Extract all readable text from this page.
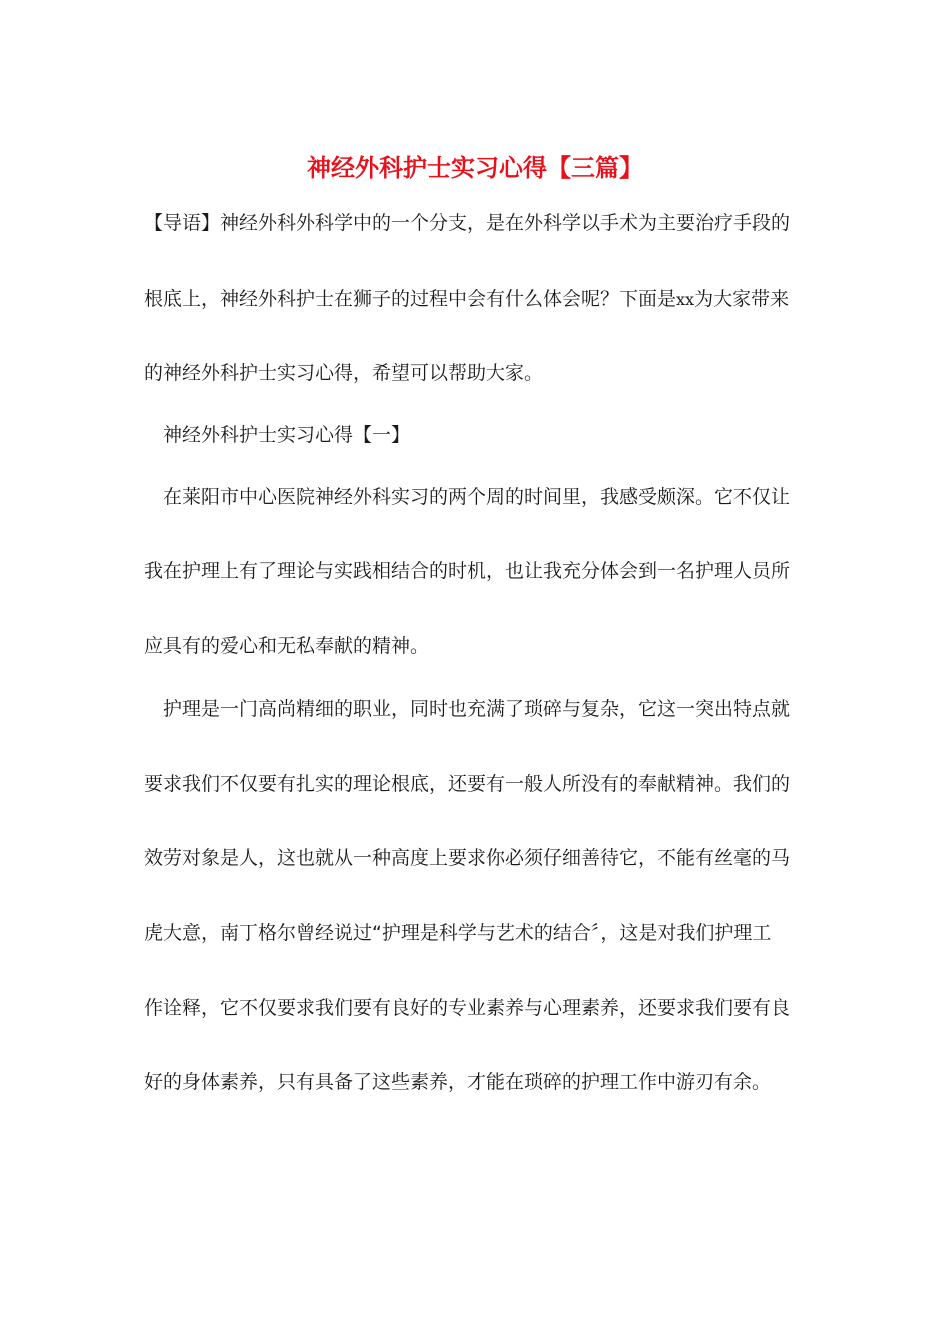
神经外科护士实习心得【三篇】
【导语】神经外科外科学中的一个分支，是在外科学以手术为主要治疗手段的
根底上，神经外科护士在狮子的过程中会有什么体会呢？下面是xx为大家带来
的神经外科护士实习心得，希望可以帮助大家。
神经外科护士实习心得【一】
在莱阳市中心医院神经外科实习的两个周的时间里，我感受颇深。它不仅让
我在护理上有了理论与实践相结合的时机，也让我充分体会到一名护理人员所
应具有的爱心和无私奉献的精神。
护理是一门高尚精细的职业，同时也充满了琐碎与复杂，它这一突出特点就
要求我们不仅要有扎实的理论根底，还要有一般人所没有的奉献精神。我们的
效劳对象是人，这也就从一种高度上要求你必须仔细善待它，不能有丝毫的马
虎大意，南丁格尔曾经说过“护理是科学与艺术的结合〞，这是对我们护理工
作诠释，它不仅要求我们要有良好的专业素养与心理素养，还要求我们要有良
好的身体素养，只有具备了这些素养，才能在琐碎的护理工作中游刃有余。
